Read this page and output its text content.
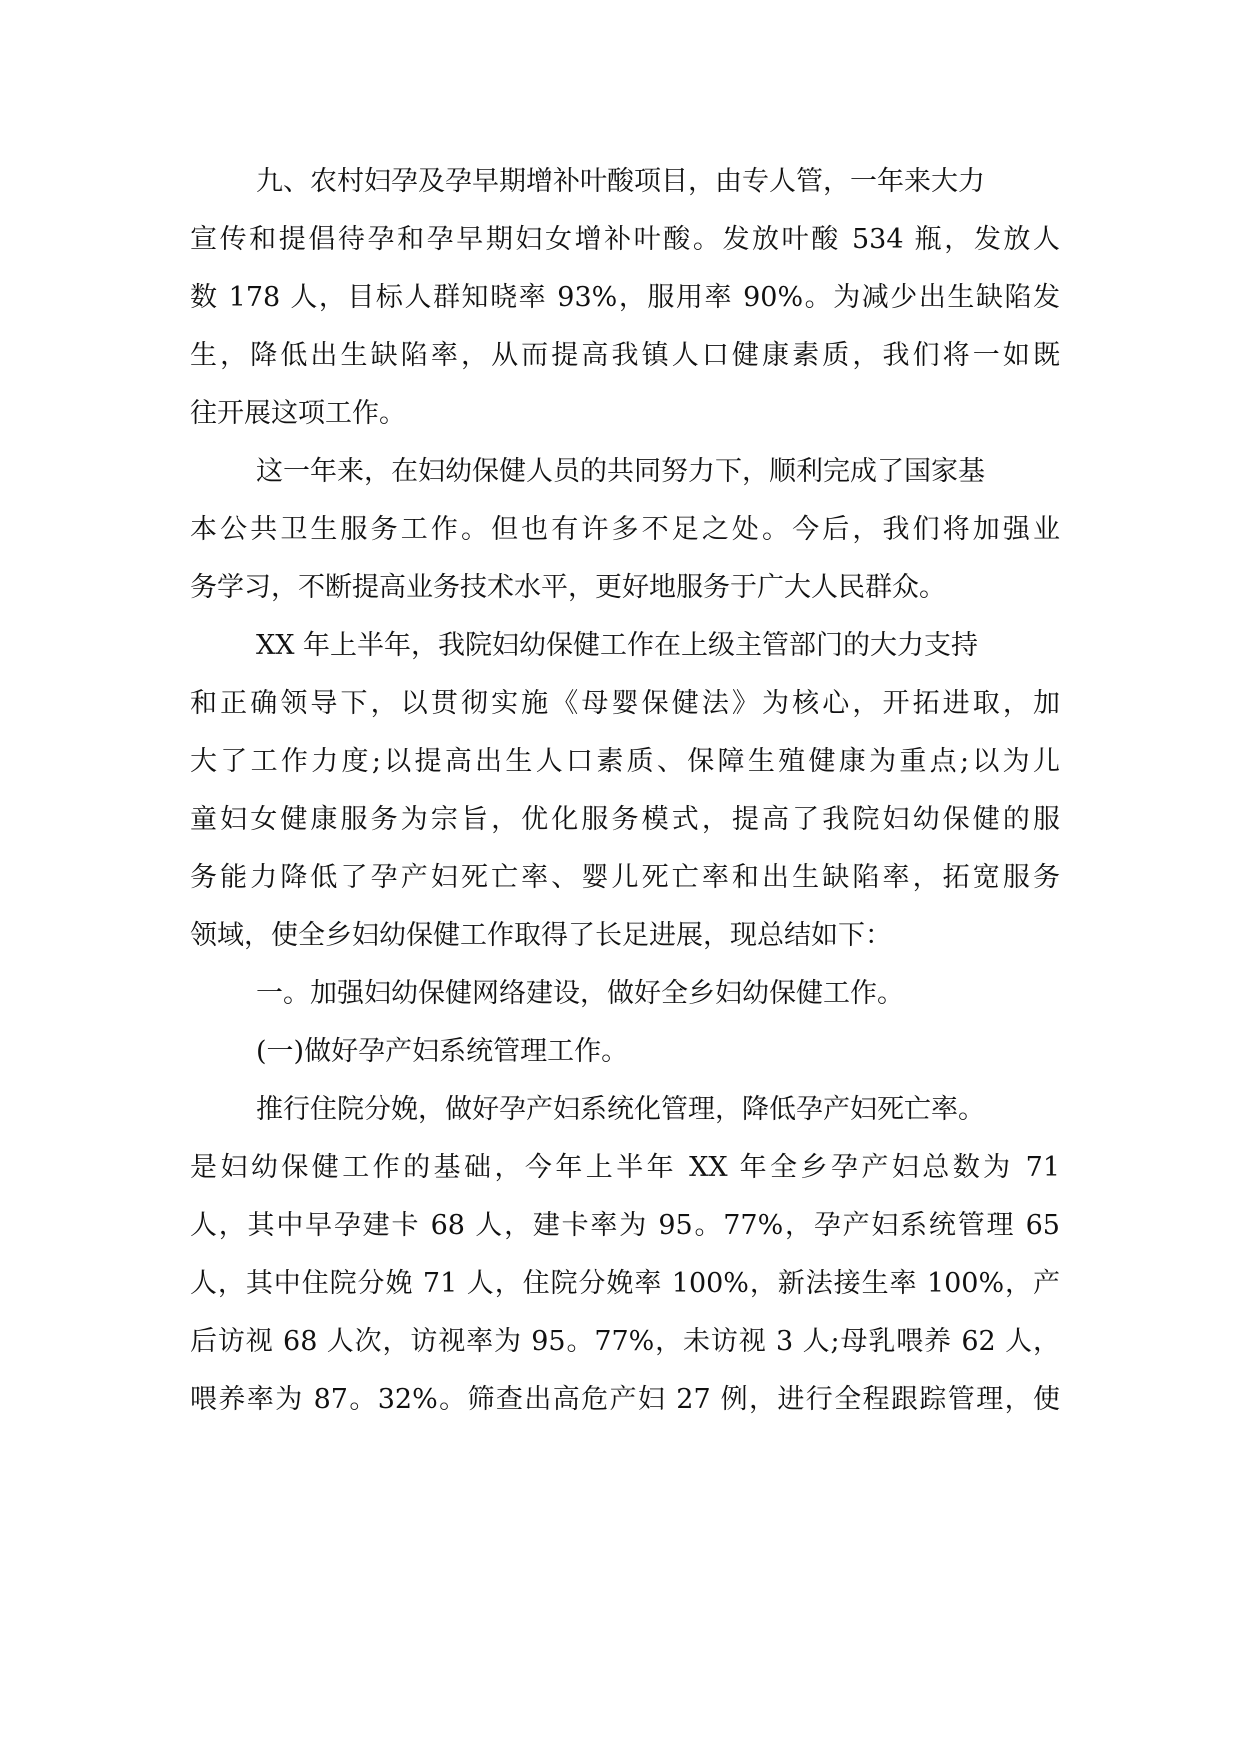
九、农村妇孕及孕早期增补叶酸项目，由专人管，一年来大力
宣传和提倡待孕和孕早期妇女增补叶酸。发放叶酸 534 瓶，发放人
数 178 人，目标人群知晓率 93%，服用率 90%。为减少出生缺陷发
生，降低出生缺陷率，从而提高我镇人口健康素质，我们将一如既
往开展这项工作。
这一年来，在妇幼保健人员的共同努力下，顺利完成了国家基
本公共卫生服务工作。但也有许多不足之处。今后，我们将加强业
务学习，不断提高业务技术水平，更好地服务于广大人民群众。
XX 年上半年，我院妇幼保健工作在上级主管部门的大力支持
和正确领导下，以贯彻实施《母婴保健法》为核心，开拓进取，加
大了工作力度;以提高出生人口素质、保障生殖健康为重点;以为儿
童妇女健康服务为宗旨，优化服务模式，提高了我院妇幼保健的服
务能力降低了孕产妇死亡率、婴儿死亡率和出生缺陷率，拓宽服务
领域，使全乡妇幼保健工作取得了长足进展，现总结如下：
一。加强妇幼保健网络建设，做好全乡妇幼保健工作。
(一)做好孕产妇系统管理工作。
推行住院分娩，做好孕产妇系统化管理，降低孕产妇死亡率。
是妇幼保健工作的基础，今年上半年 XX 年全乡孕产妇总数为 71
人，其中早孕建卡 68 人，建卡率为 95。77%，孕产妇系统管理 65
人，其中住院分娩 71 人，住院分娩率 100%，新法接生率 100%，产
后访视 68 人次，访视率为 95。77%，未访视 3 人;母乳喂养 62 人，
喂养率为 87。32%。筛查出高危产妇 27 例，进行全程跟踪管理，使
